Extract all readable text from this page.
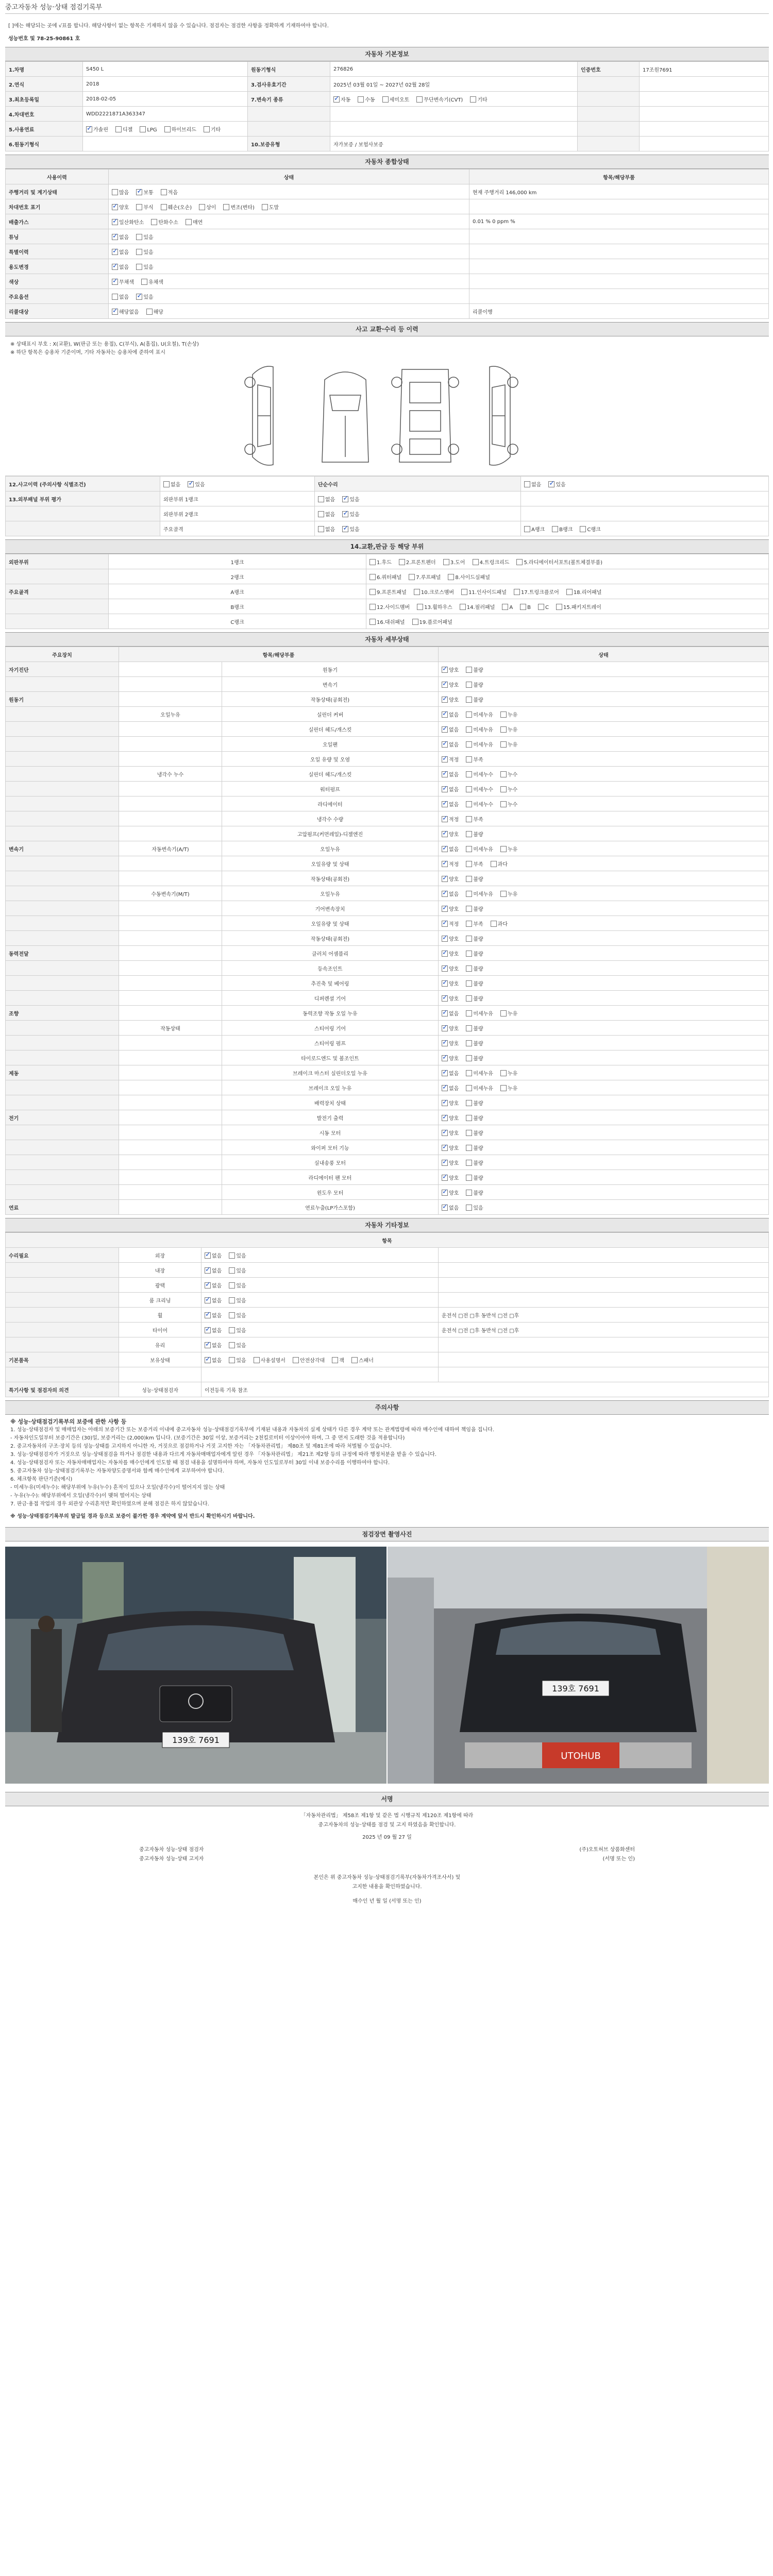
중고자동차 성능·상태 점검기록부
[ ]에는 해당되는 곳에 √표를 합니다. 해당사항이 없는 항목은 기재하지 않을 수 있습니다. 점검자는 점검한 사항을 정확하게 기재하여야 합니다.
성능번호 및 78-25-90861 호
자동차 기본정보
1.차명	S450 L	원동기형식	276826	인증번호	17조원7691
2.연식	2018	3.검사유효기간	2025년 03월 01일 ~ 2027년 02월 28일		
3.최초등록일	2018-02-05	7.변속기 종류	✓자동 수동 세미오토 무단변속기(CVT) 기타		
4.차대번호	WDD2221871A363347				
5.사용연료	✓가솔린 디젤 LPG 하이브리드 기타				
6.원동기형식		10.보증유형	자가보증 / 보험사보증		
자동차 종합상태
사용이력	상태	항목/해당부품
주행거리 및 계기상태	많음 ✓ 보통 적음	현재 주행거리 146,000 km
차대번호 표기	✓양호 부식 훼손(오손) 상이 변조(변타) 도말	
배출가스	✓일산화탄소 탄화수소 매연	0.01 % 0 ppm %
튜닝	✓없음 있음	
특별이력	✓없음 있음	
용도변경	✓없음 있음	
색상	✓무채색 유채색	
주요옵션	없음 ✓ 있음	
리콜대상	✓해당없음 해당	리콜이행
사고 교환·수리 등 이력
※ 상태표시 부호 : X(교환), W(판금 또는 용접), C(부식), A(흠집), U(요철), T(손상)
※ 하단 항목은 승용차 기준이며, 기타 자동차는 승용차에 준하여 표시
12.사고이력 (주의사항 식별조건)	없음 ✓ 있음	단순수리	없음 ✓ 있음
13.외부패널 부위 평가	외판부위 1랭크	없음 ✓ 있음	
	외판부위 2랭크	없음 ✓ 있음	
	주요골격	없음 ✓ 있음	A랭크 B랭크 C랭크
14.교환,판금 등 해당 부위
외판부위	1랭크	1.후드 2.프론트펜더 3.도어 4.트렁크리드 5.라디에이터서포트(볼트체결부품)
	2랭크	6.쿼터패널 7.루프패널 8.사이드실패널
주요골격	A랭크	9.프론트패널 10.크로스멤버 11.인사이드패널 17.트렁크플로어 18.리어패널
	B랭크	12.사이드멤버 13.휠하우스 14.필러패널 A B C 15.패키지트레이
	C랭크	16.대쉬패널 19.플로어패널
자동차 세부상태
주요장치	항목/해당부품		상태
자기진단		원동기	✓양호 불량
		변속기	✓양호 불량
원동기		작동상태(공회전)	✓양호 불량
	오일누유	실린더 커버	✓없음 미세누유 누유
		실린더 헤드/개스킷	✓없음 미세누유 누유
		오일팬	✓없음 미세누유 누유
		오일 유량 및 오염	✓적정 부족
	냉각수 누수	실린더 헤드/개스킷	✓없음 미세누수 누수
		워터펌프	✓없음 미세누수 누수
		라디에이터	✓없음 미세누수 누수
		냉각수 수량	✓적정 부족
		고압펌프(커먼레일)-디젤엔진	✓양호 불량
변속기	자동변속기(A/T)	오일누유	✓없음 미세누유 누유
		오일유량 및 상태	✓적정 부족 과다
		작동상태(공회전)	✓양호 불량
	수동변속기(M/T)	오일누유	✓없음 미세누유 누유
		기어변속장치	✓양호 불량
		오일유량 및 상태	✓적정 부족 과다
		작동상태(공회전)	✓양호 불량
동력전달		클러치 어셈블리	✓양호 불량
		등속조인트	✓양호 불량
		추진축 및 베어링	✓양호 불량
		디퍼렌셜 기어	✓양호 불량
조향		동력조향 작동 오일 누유	✓없음 미세누유 누유
	작동상태	스티어링 기어	✓양호 불량
		스티어링 펌프	✓양호 불량
		타이로드엔드 및 볼조인트	✓양호 불량
제동		브레이크 마스터 실린더오일 누유	✓없음 미세누유 누유
		브레이크 오일 누유	✓없음 미세누유 누유
		배력장치 상태	✓양호 불량
전기		발전기 출력	✓양호 불량
		시동 모터	✓양호 불량
		와이퍼 모터 기능	✓양호 불량
		실내송풍 모터	✓양호 불량
		라디에이터 팬 모터	✓양호 불량
		윈도우 모터	✓양호 불량
연료		연료누출(LP가스포함)	✓없음 있음
자동차 기타정보
항목			
수리필요	외장	✓없음 있음	
	내장	✓없음 있음	
	광택	✓없음 있음	
	룸 크리닝	✓없음 있음	
	휠	✓없음 있음	운전석 □전 □후 동반석 □전 □후
	타이어	✓없음 있음	운전석 □전 □후 동반석 □전 □후
	유리	✓없음 있음	
기본품목	보유상태	✓없음 있음 사용설명서 안전삼각대 잭 스패너	

특기사항 및 점검자의 의견	성능·상태점검자	이전등록 기록 참조	
주의사항
※ 성능·상태점검기록부의 보증에 관한 사항 등
1. 성능·상태점검자 및 매매업자는 아래의 보증기간 또는 보증거리 이내에 중고자동차 성능·상태점검기록부에 기재된 내용과 자동차의 실제 상태가 다른 경우 계약 또는 관계법령에 따라 매수인에 대하여 책임을 집니다.
- 자동차인도일부터 보증기간은 (30)일, 보증거리는 (2,000)km 입니다. (보증기간은 30일 이상, 보증거리는 2천킬로미터 이상이어야 하며, 그 중 먼저 도래한 것을 적용합니다)
2. 중고자동차의 구조·장치 등의 성능·상태를 고지하지 아니한 자, 거짓으로 점검하거나 거짓 고지한 자는 「자동차관리법」 제80조 및 제81조에 따라 처벌될 수 있습니다.
3. 성능·상태점검자가 거짓으로 성능·상태점검을 하거나 점검한 내용과 다르게 자동차매매업자에게 알린 경우 「자동차관리법」 제21조 제2항 등의 규정에 따라 행정처분을 받을 수 있습니다.
4. 성능·상태점검자 또는 자동차매매업자는 자동차를 매수인에게 인도할 때 점검 내용을 설명하여야 하며, 자동차 인도일로부터 30일 이내 보증수리를 이행하여야 합니다.
5. 중고자동차 성능·상태점검기록부는 자동차양도증명서와 함께 매수인에게 교부하여야 합니다.
6. 체크항목 판단기준(예시)
- 미세누유(미세누수): 해당부위에 누유(누수) 흔적이 있으나 오일(냉각수)이 떨어지지 않는 상태
- 누유(누수): 해당부위에서 오일(냉각수)이 맺혀 떨어지는 상태
7. 판금·용접 작업의 경우 외관상 수리흔적만 확인하였으며 분해 점검은 하지 않았습니다.
※ 성능·상태점검기록부의 발급일 경과 등으로 보증이 불가한 경우 계약에 앞서 반드시 확인하시기 바랍니다.
점검장면 촬영사진
139호 7691
139호 7691
UTOHUB
서명
「자동차관리법」 제58조 제1항 및 같은 법 시행규칙 제120조 제1항에 따라
중고자동차의 성능·상태를 점검 및 고지 하였음을 확인합니다.
2025 년 09 월 27 일
중고자동차 성능·상태 점검자	(주)오토허브 상품화센터
중고자동차 성능·상태 고지자	(서명 또는 인)
본인은 위 중고자동차 성능·상태점검기록부(자동차가격조사서) 및
고지한 내용을 확인하였습니다.
매수인 년 월 일 (서명 또는 인)
